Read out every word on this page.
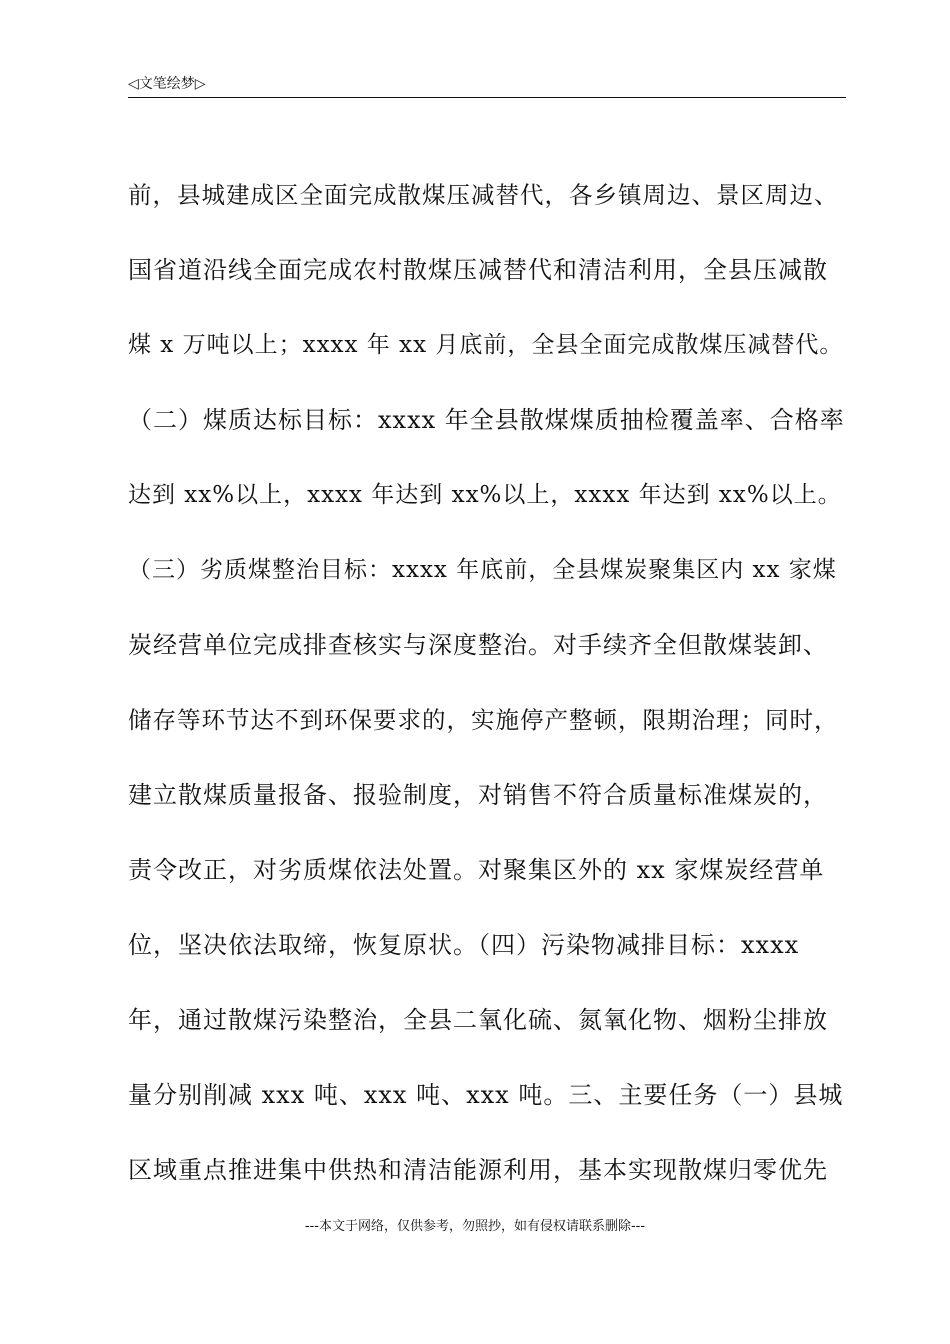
◁文笔绘梦▷
前，县城建成区全面完成散煤压减替代，各乡镇周边、景区周边、
国省道沿线全面完成农村散煤压减替代和清洁利用，全县压减散
煤 x 万吨以上；xxxx 年 xx 月底前，全县全面完成散煤压减替代。
（二）煤质达标目标：xxxx 年全县散煤煤质抽检覆盖率、合格率
达到 xx%以上，xxxx 年达到 xx%以上，xxxx 年达到 xx%以上。
（三）劣质煤整治目标：xxxx 年底前，全县煤炭聚集区内 xx 家煤
炭经营单位完成排查核实与深度整治。对手续齐全但散煤装卸、
储存等环节达不到环保要求的，实施停产整顿，限期治理；同时，
建立散煤质量报备、报验制度，对销售不符合质量标准煤炭的，
责令改正，对劣质煤依法处置。对聚集区外的 xx 家煤炭经营单
位，坚决依法取缔，恢复原状。（四）污染物减排目标：xxxx
年，通过散煤污染整治，全县二氧化硫、氮氧化物、烟粉尘排放
量分别削减 xxx 吨、xxx 吨、xxx 吨。三、主要任务（一）县城
区域重点推进集中供热和清洁能源利用，基本实现散煤归零优先
---本文于网络，仅供参考，勿照抄，如有侵权请联系删除---
